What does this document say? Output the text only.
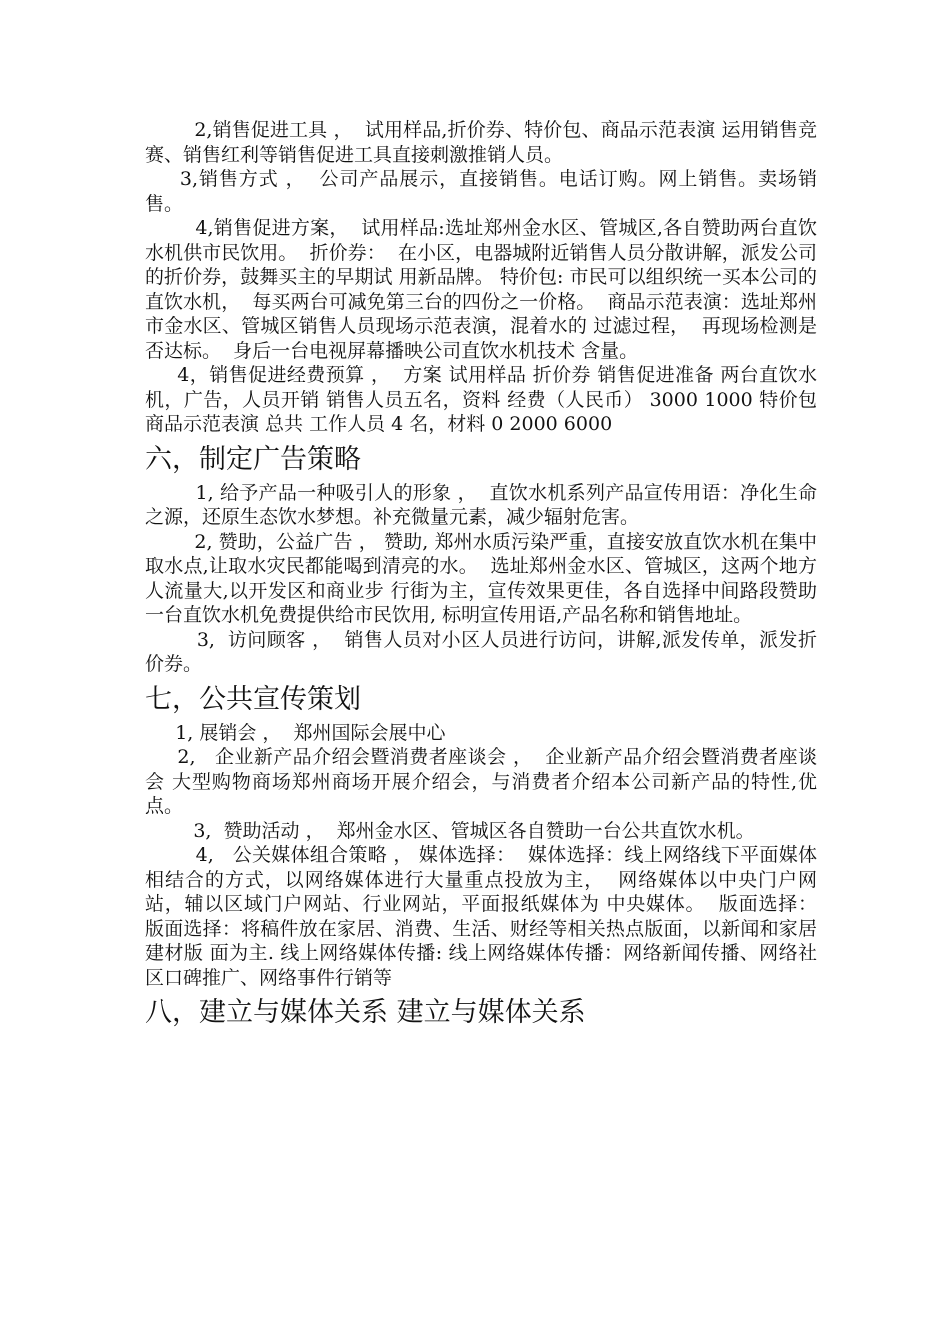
2,销售促进工具 ，  试用样品,折价券、特价包、商品示范表演 运用销售竞赛、销售红利等销售促进工具直接刺激推销人员。

3,销售方式 ，  公司产品展示，直接销售。电话订购。网上销售。卖场销售。

4,销售促进方案，  试用样品:选址郑州金水区、管城区,各自赞助两台直饮水机供市民饮用。  折价券：  在小区，电器城附近销售人员分散讲解，派发公司的折价券，鼓舞买主的早期试 用新品牌。 特价包: 市民可以组织统一买本公司的直饮水机，  每买两台可减免第三台的四份之一价格。  商品示范表演：选址郑州市金水区、管城区销售人员现场示范表演，混着水的 过滤过程，  再现场检测是否达标。  身后一台电视屏幕播映公司直饮水机技术 含量。

4，销售促进经费预算 ，  方案 试用样品 折价券 销售促进准备 两台直饮水机，广告，人员开销 销售人员五名，资料 经费（人民币） 3000 1000 特价包 商品示范表演 总共 工作人员 4 名，材料 0 2000 6000

六，制定广告策略

1, 给予产品一种吸引人的形象 ，  直饮水机系列产品宣传用语：净化生命之源，还原生态饮水梦想。补充微量元素，减少辐射危害。

2, 赞助，公益广告 ， 赞助, 郑州水质污染严重，直接安放直饮水机在集中取水点,让取水灾民都能喝到清亮的水。  选址郑州金水区、管城区，这两个地方人流量大,以开发区和商业步 行街为主，宣传效果更佳，各自选择中间路段赞助一台直饮水机免费提供给市民饮用, 标明宣传用语,产品名称和销售地址。

3,  访问顾客 ，  销售人员对小区人员进行访问，讲解,派发传单，派发折价券。

七，公共宣传策划

1, 展销会 ，  郑州国际会展中心

2,   企业新产品介绍会暨消费者座谈会 ，  企业新产品介绍会暨消费者座谈会 大型购物商场郑州商场开展介绍会，与消费者介绍本公司新产品的特性,优点。

3,  赞助活动 ，  郑州金水区、管城区各自赞助一台公共直饮水机。

4,   公关媒体组合策略 ， 媒体选择：  媒体选择：线上网络线下平面媒体相结合的方式，以网络媒体进行大量重点投放为主，  网络媒体以中央门户网站，辅以区域门户网站、行业网站，平面报纸媒体为 中央媒体。  版面选择：  版面选择：将稿件放在家居、消费、生活、财经等相关热点版面，以新闻和家居建材版 面为主. 线上网络媒体传播: 线上网络媒体传播：网络新闻传播、网络社区口碑推广、网络事件行销等

八，建立与媒体关系 建立与媒体关系
